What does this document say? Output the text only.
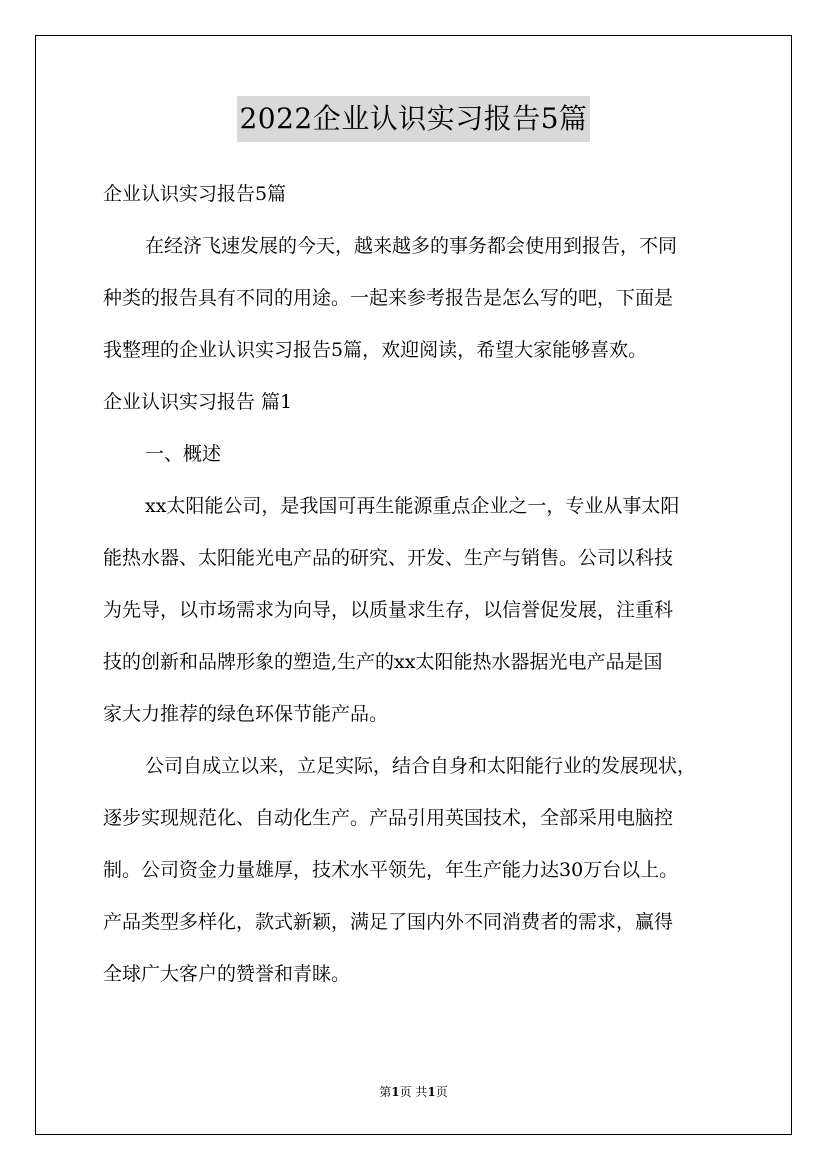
2022企业认识实习报告5篇

企业认识实习报告5篇

在经济飞速发展的今天，越来越多的事务都会使用到报告，不同

种类的报告具有不同的用途。一起来参考报告是怎么写的吧，下面是

我整理的企业认识实习报告5篇，欢迎阅读，希望大家能够喜欢。

企业认识实习报告 篇1

一、概述

xx太阳能公司，是我国可再生能源重点企业之一，专业从事太阳

能热水器、太阳能光电产品的研究、开发、生产与销售。公司以科技

为先导，以市场需求为向导，以质量求生存，以信誉促发展，注重科

技的创新和品牌形象的塑造,生产的xx太阳能热水器据光电产品是国

家大力推荐的绿色环保节能产品。

公司自成立以来，立足实际，结合自身和太阳能行业的发展现状，

逐步实现规范化、自动化生产。产品引用英国技术，全部采用电脑控

制。公司资金力量雄厚，技术水平领先，年生产能力达30万台以上。

产品类型多样化，款式新颖，满足了国内外不同消费者的需求，赢得

全球广大客户的赞誉和青睐。

第1页 共1页
